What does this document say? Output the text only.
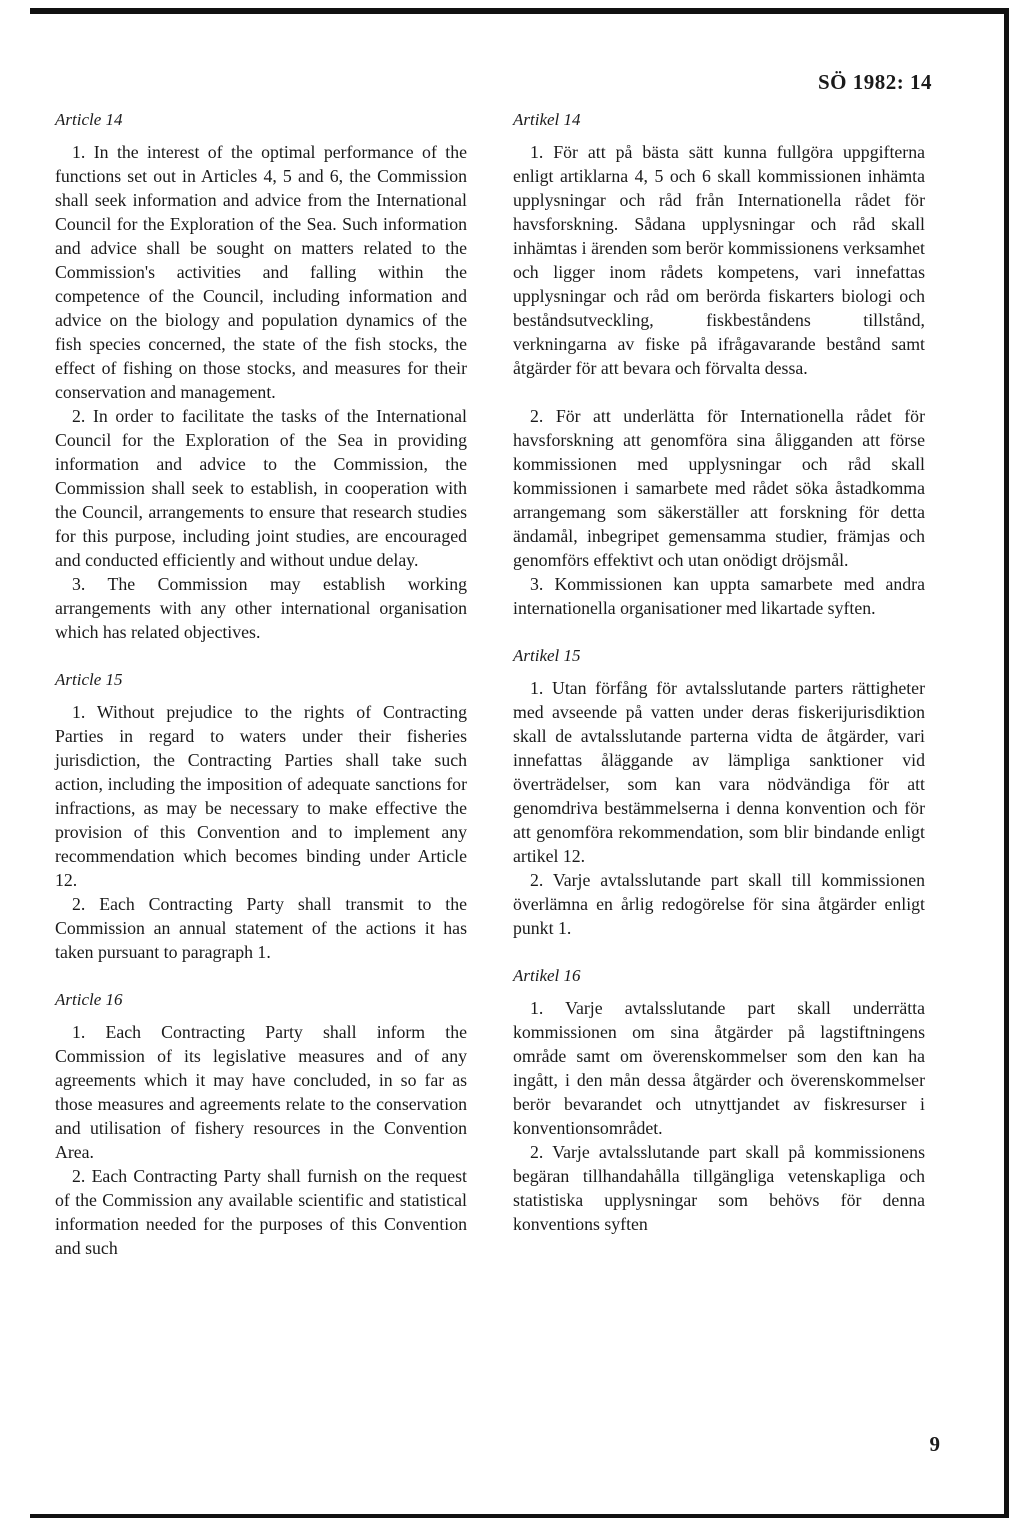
SÖ 1982: 14
Article 14

1. In the interest of the optimal performance of the functions set out in Articles 4, 5 and 6, the Commission shall seek information and advice from the International Council for the Exploration of the Sea. Such information and advice shall be sought on matters related to the Commission's activities and falling within the competence of the Council, including information and advice on the biology and population dynamics of the fish species concerned, the state of the fish stocks, the effect of fishing on those stocks, and measures for their conservation and management.

2. In order to facilitate the tasks of the International Council for the Exploration of the Sea in providing information and advice to the Commission, the Commission shall seek to establish, in cooperation with the Council, arrangements to ensure that research studies for this purpose, including joint studies, are encouraged and conducted efficiently and without undue delay.

3. The Commission may establish working arrangements with any other international organisation which has related objectives.

Article 15

1. Without prejudice to the rights of Contracting Parties in regard to waters under their fisheries jurisdiction, the Contracting Parties shall take such action, including the imposition of adequate sanctions for infractions, as may be necessary to make effective the provision of this Convention and to implement any recommendation which becomes binding under Article 12.

2. Each Contracting Party shall transmit to the Commission an annual statement of the actions it has taken pursuant to paragraph 1.

Article 16

1. Each Contracting Party shall inform the Commission of its legislative measures and of any agreements which it may have concluded, in so far as those measures and agreements relate to the conservation and utilisation of fishery resources in the Convention Area.

2. Each Contracting Party shall furnish on the request of the Commission any available scientific and statistical information needed for the purposes of this Convention and such

Artikel 14

1. För att på bästa sätt kunna fullgöra uppgifterna enligt artiklarna 4, 5 och 6 skall kommissionen inhämta upplysningar och råd från Internationella rådet för havsforskning. Sådana upplysningar och råd skall inhämtas i ärenden som berör kommissionens verksamhet och ligger inom rådets kompetens, vari innefattas upplysningar och råd om berörda fiskarters biologi och beståndsutveckling, fiskbeståndens tillstånd, verkningarna av fiske på ifrågavarande bestånd samt åtgärder för att bevara och förvalta dessa.

2. För att underlätta för Internationella rådet för havsforskning att genomföra sina åligganden att förse kommissionen med upplysningar och råd skall kommissionen i samarbete med rådet söka åstadkomma arrangemang som säkerställer att forskning för detta ändamål, inbegripet gemensamma studier, främjas och genomförs effektivt och utan onödigt dröjsmål.

3. Kommissionen kan uppta samarbete med andra internationella organisationer med likartade syften.

Artikel 15

1. Utan förfång för avtalsslutande parters rättigheter med avseende på vatten under deras fiskerijurisdiktion skall de avtalsslutande parterna vidta de åtgärder, vari innefattas åläggande av lämpliga sanktioner vid överträdelser, som kan vara nödvändiga för att genomdriva bestämmelserna i denna konvention och för att genomföra rekommendation, som blir bindande enligt artikel 12.

2. Varje avtalsslutande part skall till kommissionen överlämna en årlig redogörelse för sina åtgärder enligt punkt 1.

Artikel 16

1. Varje avtalsslutande part skall underrätta kommissionen om sina åtgärder på lagstiftningens område samt om överenskommelser som den kan ha ingått, i den mån dessa åtgärder och överenskommelser berör bevarandet och utnyttjandet av fiskresurser i konventionsområdet.

2. Varje avtalsslutande part skall på kommissionens begäran tillhandahålla tillgängliga vetenskapliga och statistiska upplysningar som behövs för denna konventions syften

9
